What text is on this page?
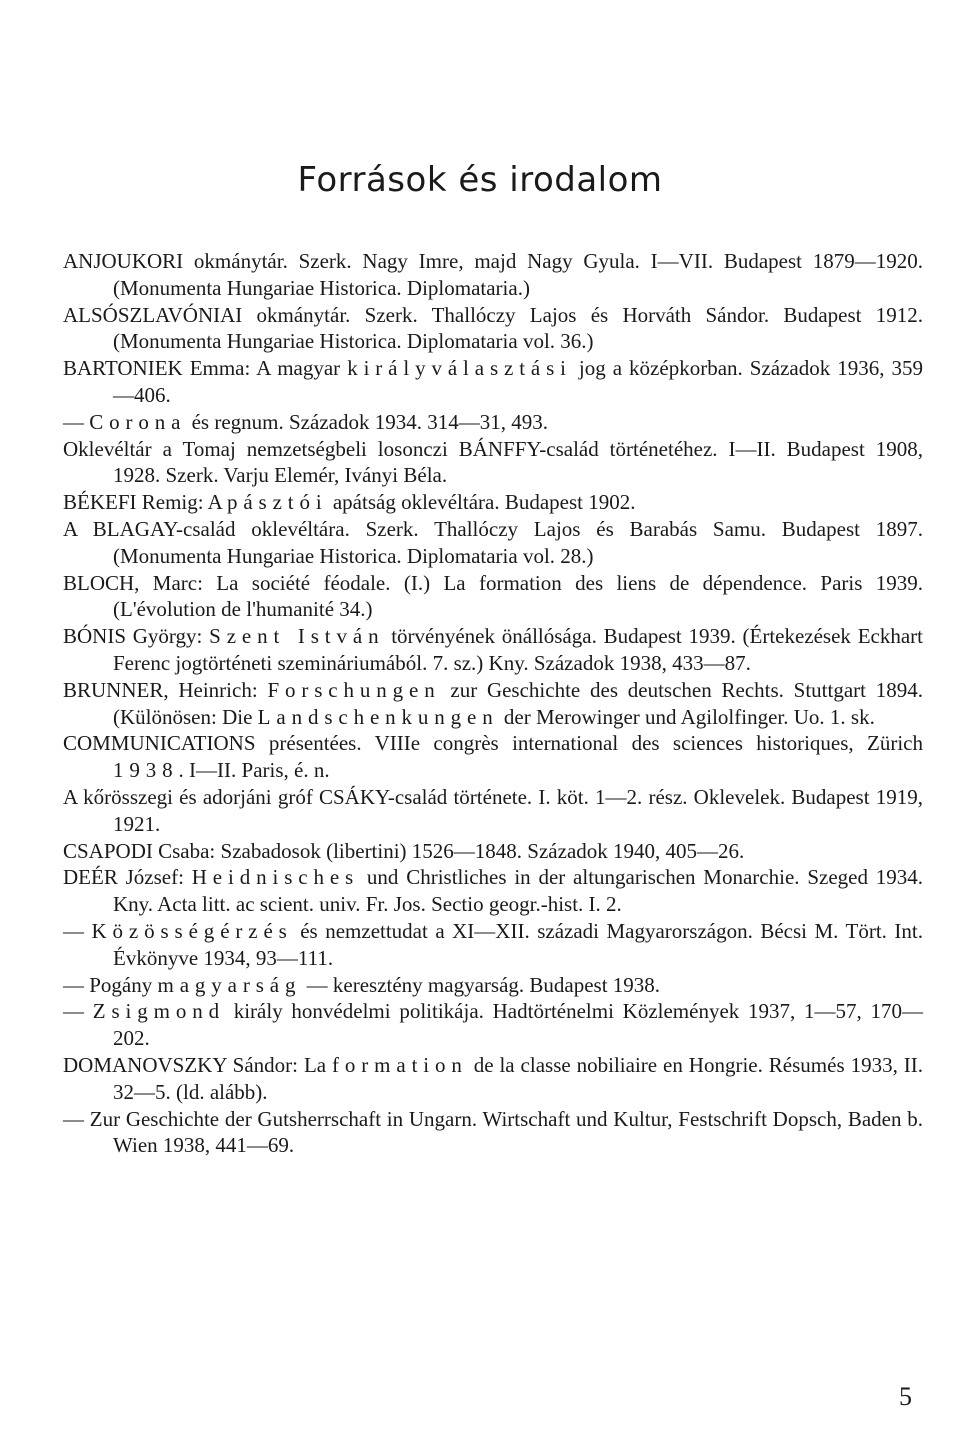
Források és irodalom

ANJOUKORI okmánytár. Szerk. Nagy Imre, majd Nagy Gyula. I—VII. Budapest 1879—1920. (Monumenta Hungariae Historica. Diplomataria.)

ALSÓSZLAVÓNIAI okmánytár. Szerk. Thallóczy Lajos és Horváth Sándor. Budapest 1912. (Monumenta Hungariae Historica. Diplomataria vol. 36.)

BARTONIEK Emma: A magyar királyválasztási jog a középkorban. Századok 1936, 359—406.

— Corona és regnum. Századok 1934. 314—31, 493.

Oklevéltár a Tomaj nemzetségbeli losonczi BÁNFFY-család történetéhez. I—II. Budapest 1908, 1928. Szerk. Varju Elemér, Iványi Béla.

BÉKEFI Remig: A pásztói apátság oklevéltára. Budapest 1902.

A BLAGAY-család oklevéltára. Szerk. Thallóczy Lajos és Barabás Samu. Budapest 1897. (Monumenta Hungariae Historica. Diplomataria vol. 28.)

BLOCH, Marc: La société féodale. (I.) La formation des liens de dépendence. Paris 1939. (L'évolution de l'humanité 34.)

BÓNIS György: Szent István törvényének önállósága. Budapest 1939. (Értekezések Eckhart Ferenc jogtörténeti szemináriumából. 7. sz.) Kny. Századok 1938, 433—87.

BRUNNER, Heinrich: Forschungen zur Geschichte des deutschen Rechts. Stuttgart 1894. (Különösen: Die Landschenkungen der Merowinger und Agilolfinger. Uo. 1. sk.

COMMUNICATIONS présentées. VIIIe congrès international des sciences historiques, Zürich 1938. I—II. Paris, é. n.

A kőrösszegi és adorjáni gróf CSÁKY-család története. I. köt. 1—2. rész. Oklevelek. Budapest 1919, 1921.

CSAPODI Csaba: Szabadosok (libertini) 1526—1848. Századok 1940, 405—26.

DEÉR József: Heidnisches und Christliches in der altungarischen Monarchie. Szeged 1934. Kny. Acta litt. ac scient. univ. Fr. Jos. Sectio geogr.-hist. I. 2.

— Közösségérzés és nemzettudat a XI—XII. századi Magyarországon. Bécsi M. Tört. Int. Évkönyve 1934, 93—111.

— Pogány magyarság — keresztény magyarság. Budapest 1938.

— Zsigmond király honvédelmi politikája. Hadtörténelmi Közlemények 1937, 1—57, 170—202.

DOMANOVSZKY Sándor: La formation de la classe nobiliaire en Hongrie. Résumés 1933, II. 32—5. (ld. alább).

— Zur Geschichte der Gutsherrschaft in Ungarn. Wirtschaft und Kultur, Festschrift Dopsch, Baden b. Wien 1938, 441—69.

5
